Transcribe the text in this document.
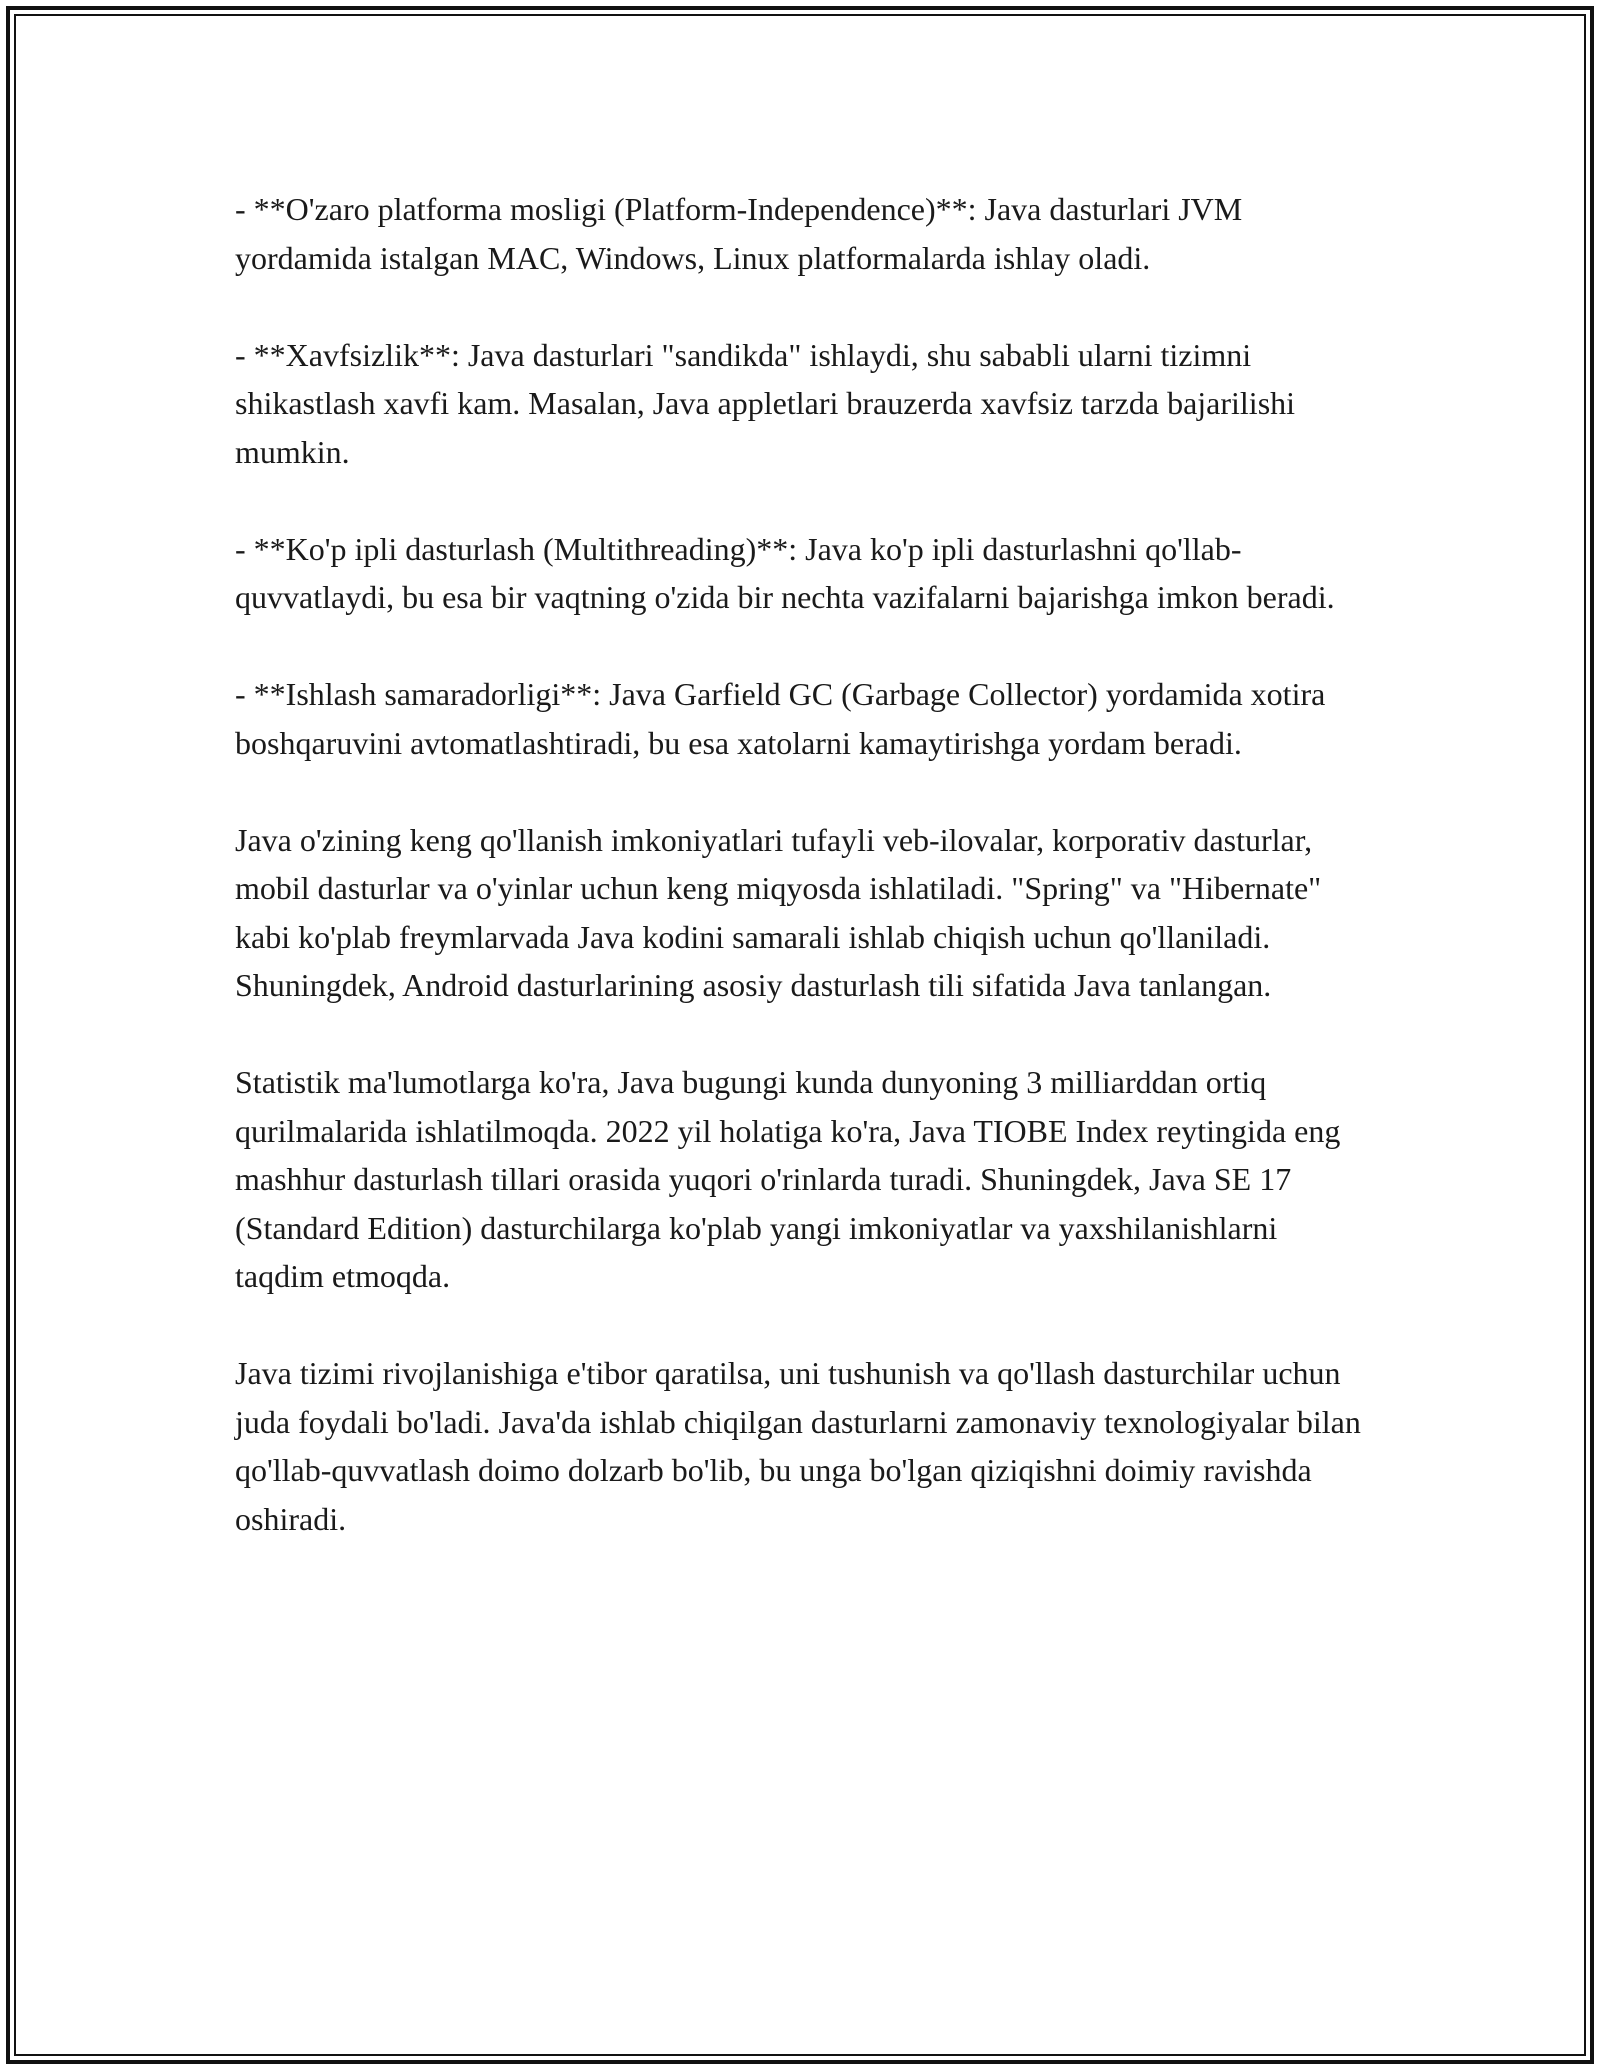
- **O'zaro platforma mosligi (Platform-Independence)**: Java dasturlari JVM yordamida istalgan MAC, Windows, Linux platformalarda ishlay oladi.

- **Xavfsizlik**: Java dasturlari "sandikda" ishlaydi, shu sababli ularni tizimni shikastlash xavfi kam. Masalan, Java appletlari brauzerda xavfsiz tarzda bajarilishi mumkin.

- **Ko'p ipli dasturlash (Multithreading)**: Java ko'p ipli dasturlashni qo'llab-quvvatlaydi, bu esa bir vaqtning o'zida bir nechta vazifalarni bajarishga imkon beradi.

- **Ishlash samaradorligi**: Java Garfield GC (Garbage Collector) yordamida xotira boshqaruvini avtomatlashtiradi, bu esa xatolarni kamaytirishga yordam beradi.

Java o'zining keng qo'llanish imkoniyatlari tufayli veb-ilovalar, korporativ dasturlar, mobil dasturlar va o'yinlar uchun keng miqyosda ishlatiladi. "Spring" va "Hibernate" kabi ko'plab freymlarvada Java kodini samarali ishlab chiqish uchun qo'llaniladi. Shuningdek, Android dasturlarining asosiy dasturlash tili sifatida Java tanlangan.

Statistik ma'lumotlarga ko'ra, Java bugungi kunda dunyoning 3 milliarddan ortiq qurilmalarida ishlatilmoqda. 2022 yil holatiga ko'ra, Java TIOBE Index reytingida eng mashhur dasturlash tillari orasida yuqori o'rinlarda turadi. Shuningdek, Java SE 17 (Standard Edition) dasturchilarga ko'plab yangi imkoniyatlar va yaxshilanishlarni taqdim etmoqda.

Java tizimi rivojlanishiga e'tibor qaratilsa, uni tushunish va qo'llash dasturchilar uchun juda foydali bo'ladi. Java'da ishlab chiqilgan dasturlarni zamonaviy texnologiyalar bilan qo'llab-quvvatlash doimo dolzarb bo'lib, bu unga bo'lgan qiziqishni doimiy ravishda oshiradi.
